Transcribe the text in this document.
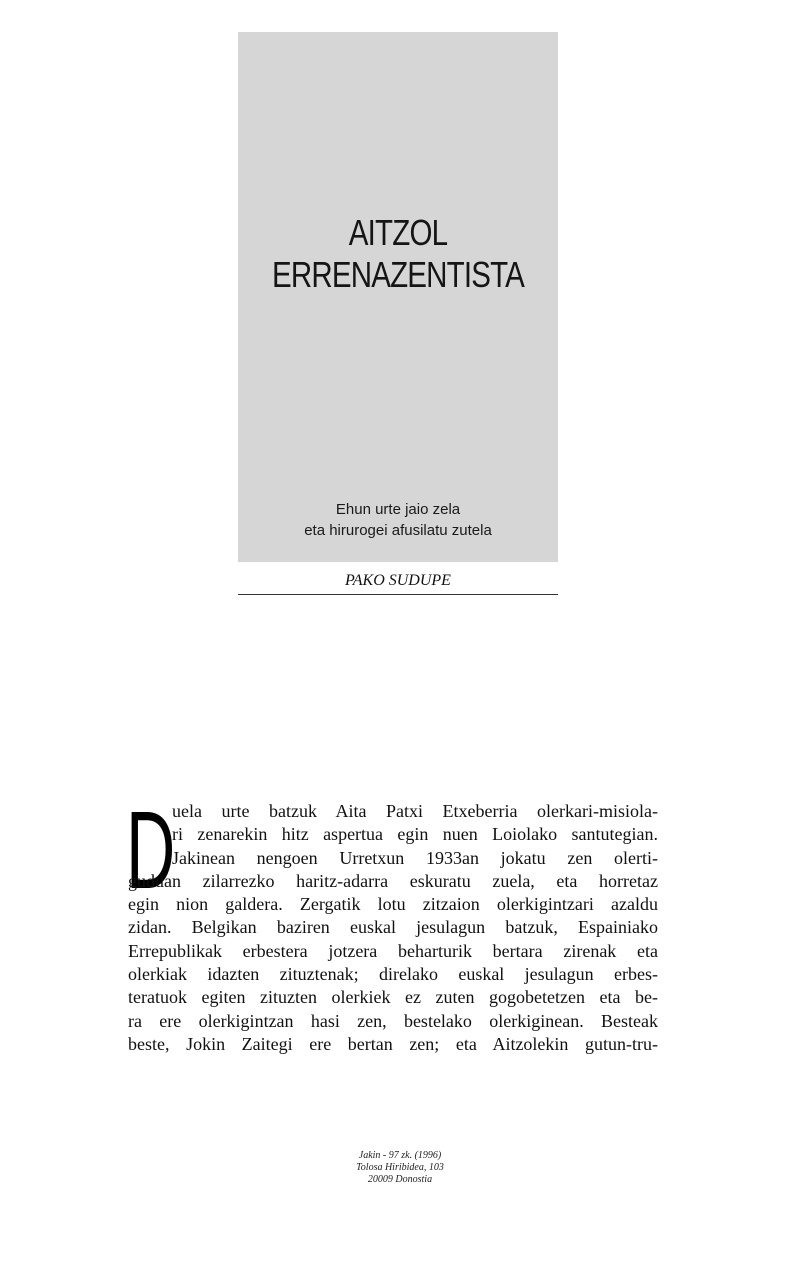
AITZOL
ERRENAZENTISTA
Ehun urte jaio zela
eta hirurogei afusilatu zutela
PAKO SUDUPE
D
uela urte batzuk Aita Patxi Etxeberria olerkari-misiola-
ri zenarekin hitz aspertua egin nuen Loiolako santutegian.
Jakinean nengoen Urretxun 1933an jokatu zen olerti-
guduan zilarrezko haritz-adarra eskuratu zuela, eta horretaz
egin nion galdera. Zergatik lotu zitzaion olerkigintzari azaldu
zidan. Belgikan baziren euskal jesulagun batzuk, Espainiako
Errepublikak erbestera jotzera beharturik bertara zirenak eta
olerkiak idazten zituztenak; direlako euskal jesulagun erbes-
teratuok egiten zituzten olerkiek ez zuten gogobetetzen eta be-
ra ere olerkigintzan hasi zen, bestelako olerkiginean. Besteak
beste, Jokin Zaitegi ere bertan zen; eta Aitzolekin gutun-tru-
Jakin - 97 zk. (1996)
Tolosa Hiribidea, 103
20009 Donostia
